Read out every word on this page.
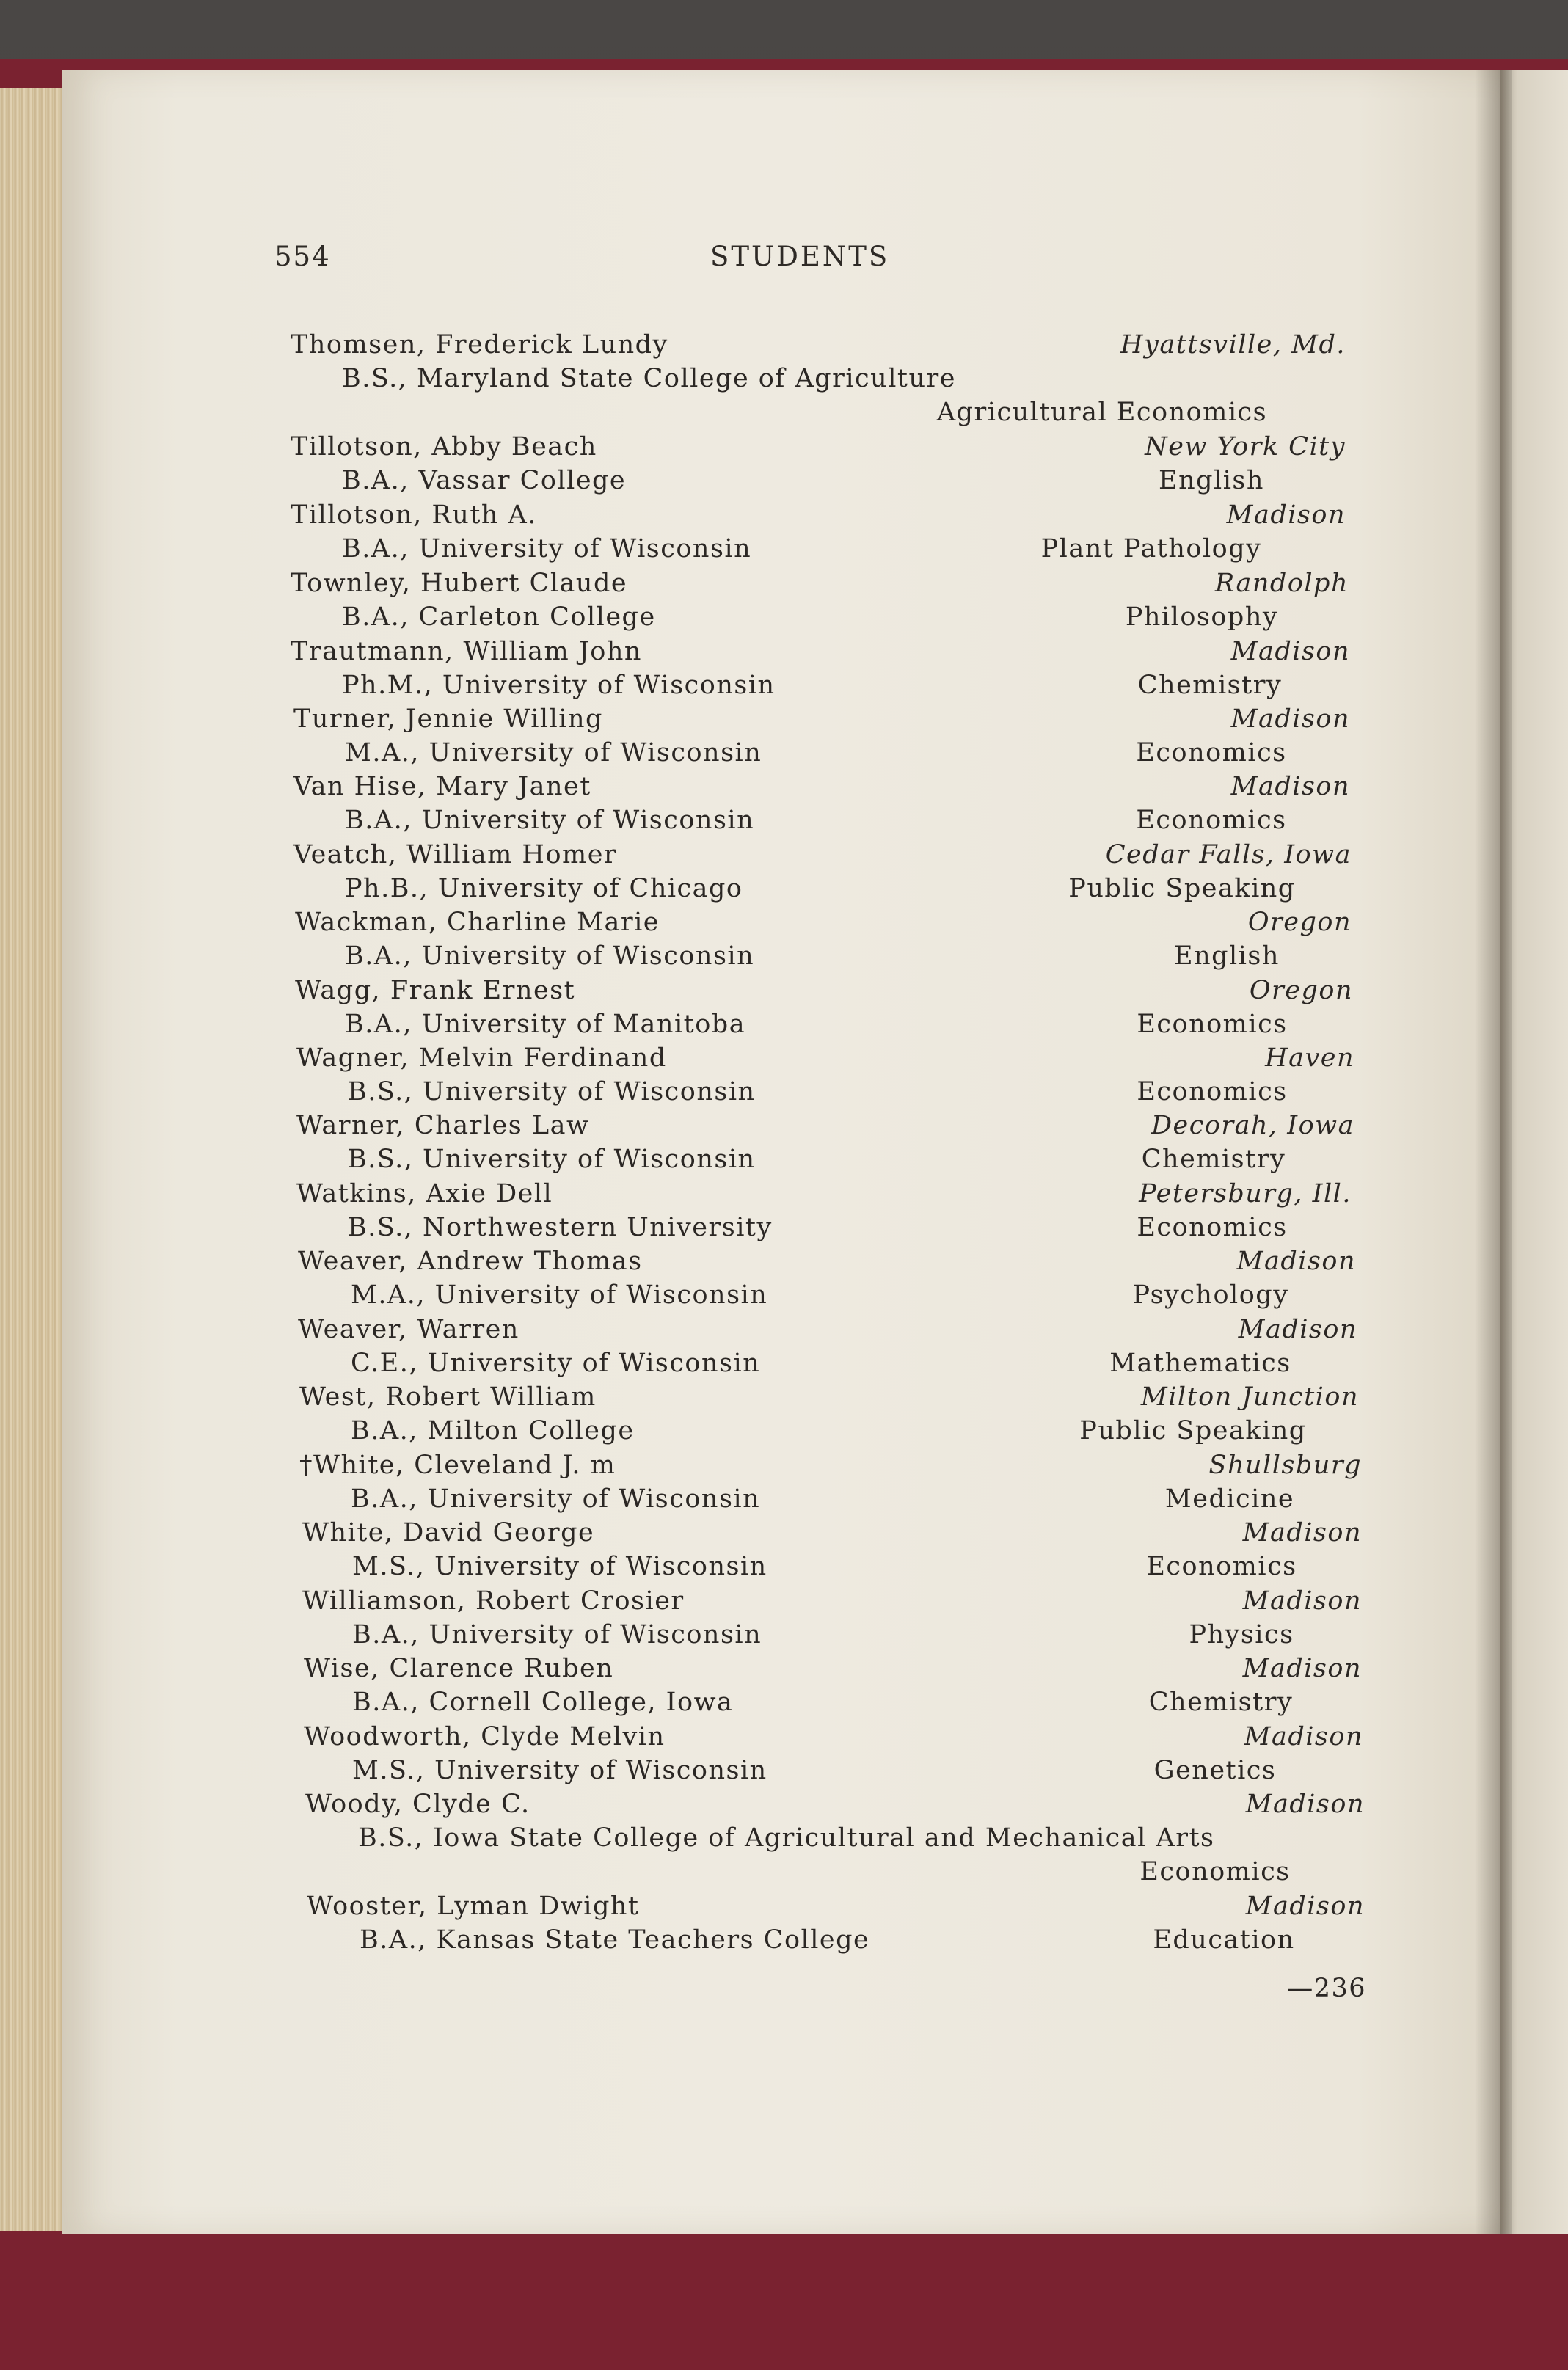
554	STUDENTS
Thomsen, Frederick Lundy	Hyattsville, Md.
B.S., Maryland State College of Agriculture
Agricultural Economics
Tillotson, Abby Beach	New York City
B.A., Vassar College	English
Tillotson, Ruth A.	Madison
B.A., University of Wisconsin	Plant Pathology
Townley, Hubert Claude	Randolph
B.A., Carleton College	Philosophy
Trautmann, William John	Madison
Ph.M., University of Wisconsin	Chemistry
Turner, Jennie Willing	Madison
M.A., University of Wisconsin	Economics
Van Hise, Mary Janet	Madison
B.A., University of Wisconsin	Economics
Veatch, William Homer	Cedar Falls, Iowa
Ph.B., University of Chicago	Public Speaking
Wackman, Charline Marie	Oregon
B.A., University of Wisconsin	English
Wagg, Frank Ernest	Oregon
B.A., University of Manitoba	Economics
Wagner, Melvin Ferdinand	Haven
B.S., University of Wisconsin	Economics
Warner, Charles Law	Decorah, Iowa
B.S., University of Wisconsin	Chemistry
Watkins, Axie Dell	Petersburg, Ill.
B.S., Northwestern University	Economics
Weaver, Andrew Thomas	Madison
M.A., University of Wisconsin	Psychology
Weaver, Warren	Madison
C.E., University of Wisconsin	Mathematics
West, Robert William	Milton Junction
B.A., Milton College	Public Speaking
†White, Cleveland J. m	Shullsburg
B.A., University of Wisconsin	Medicine
White, David George	Madison
M.S., University of Wisconsin	Economics
Williamson, Robert Crosier	Madison
B.A., University of Wisconsin	Physics
Wise, Clarence Ruben	Madison
B.A., Cornell College, Iowa	Chemistry
Woodworth, Clyde Melvin	Madison
M.S., University of Wisconsin	Genetics
Woody, Clyde C.	Madison
B.S., Iowa State College of Agricultural and Mechanical Arts
Economics
Wooster, Lyman Dwight	Madison
B.A., Kansas State Teachers College	Education
—236
